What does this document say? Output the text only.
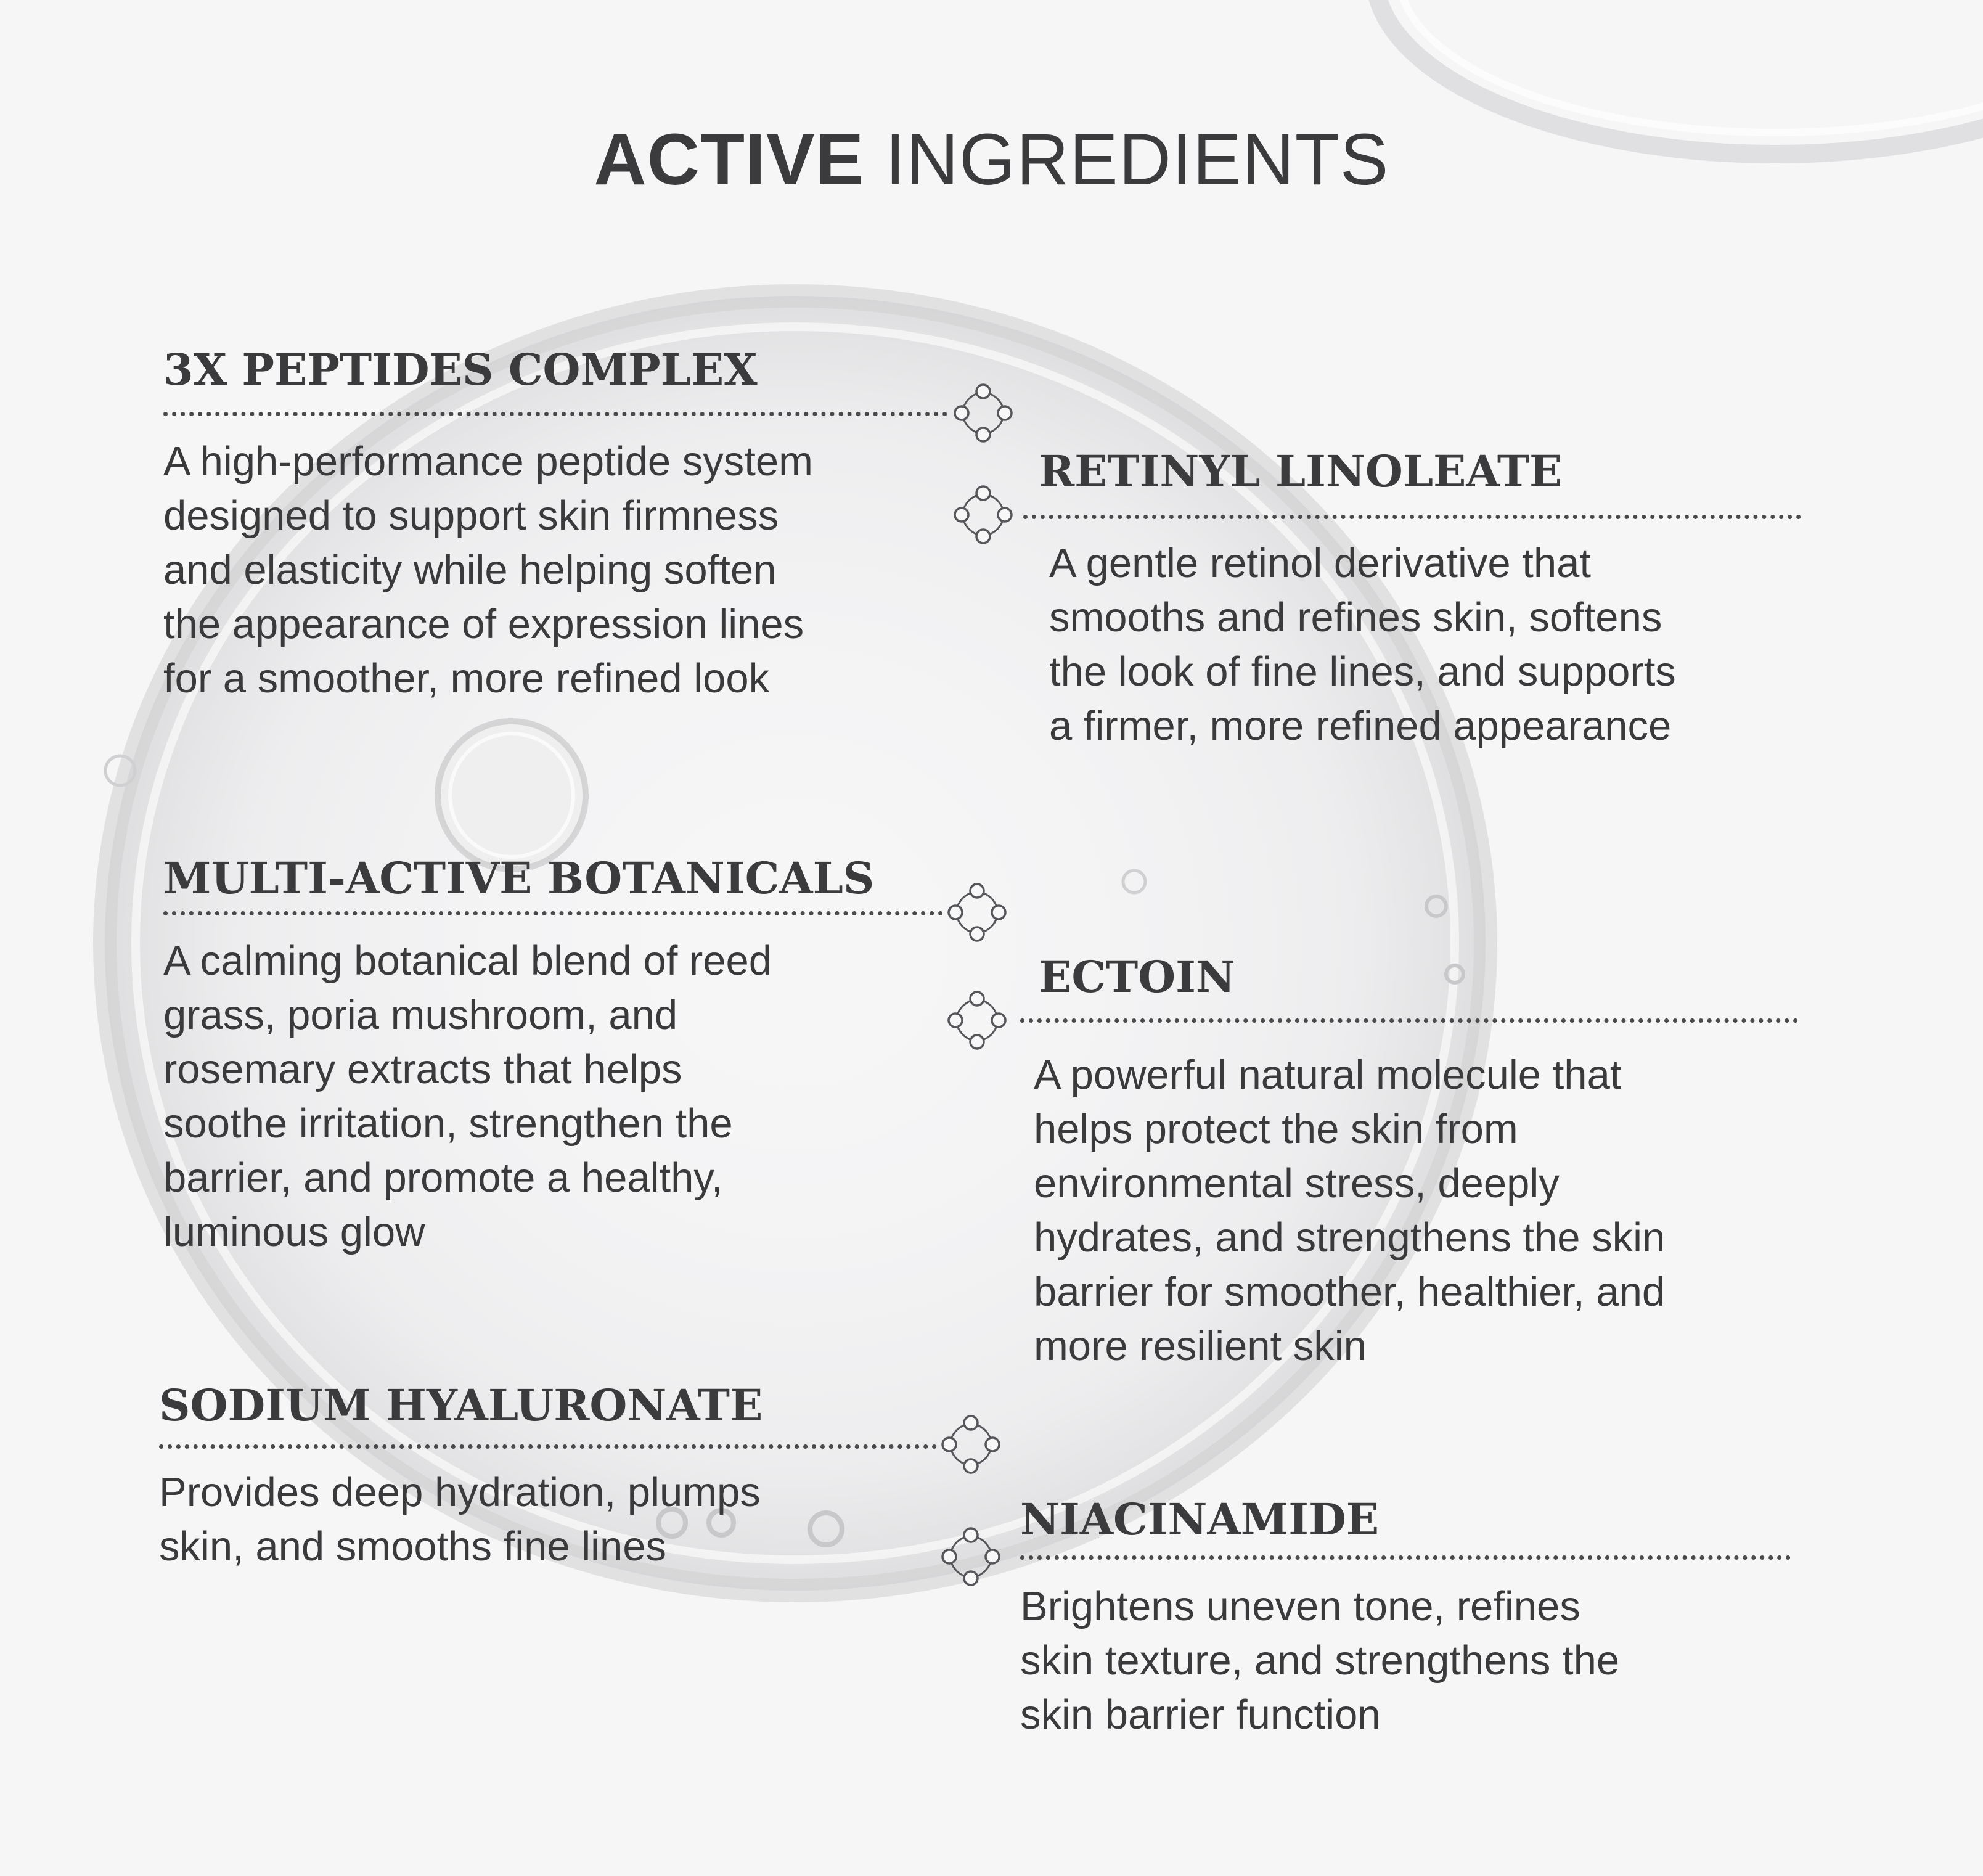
ACTIVE INGREDIENTS
3X PEPTIDES COMPLEX

A high-performance peptide system
designed to support skin firmness
and elasticity while helping soften
the appearance of expression lines
for a smoother, more refined look

RETINYL LINOLEATE

A gentle retinol derivative that
smooths and refines skin, softens
the look of fine lines, and supports
a firmer, more refined appearance

MULTI-ACTIVE BOTANICALS

A calming botanical blend of reed
grass, poria mushroom, and
rosemary extracts that helps
soothe irritation, strengthen the
barrier, and promote a healthy,
luminous glow

ECTOIN

A powerful natural molecule that
helps protect the skin from
environmental stress, deeply
hydrates, and strengthens the skin
barrier for smoother, healthier, and
more resilient skin

SODIUM HYALURONATE

Provides deep hydration, plumps
skin, and smooths fine lines

NIACINAMIDE

Brightens uneven tone, refines
skin texture, and strengthens the
skin barrier function
